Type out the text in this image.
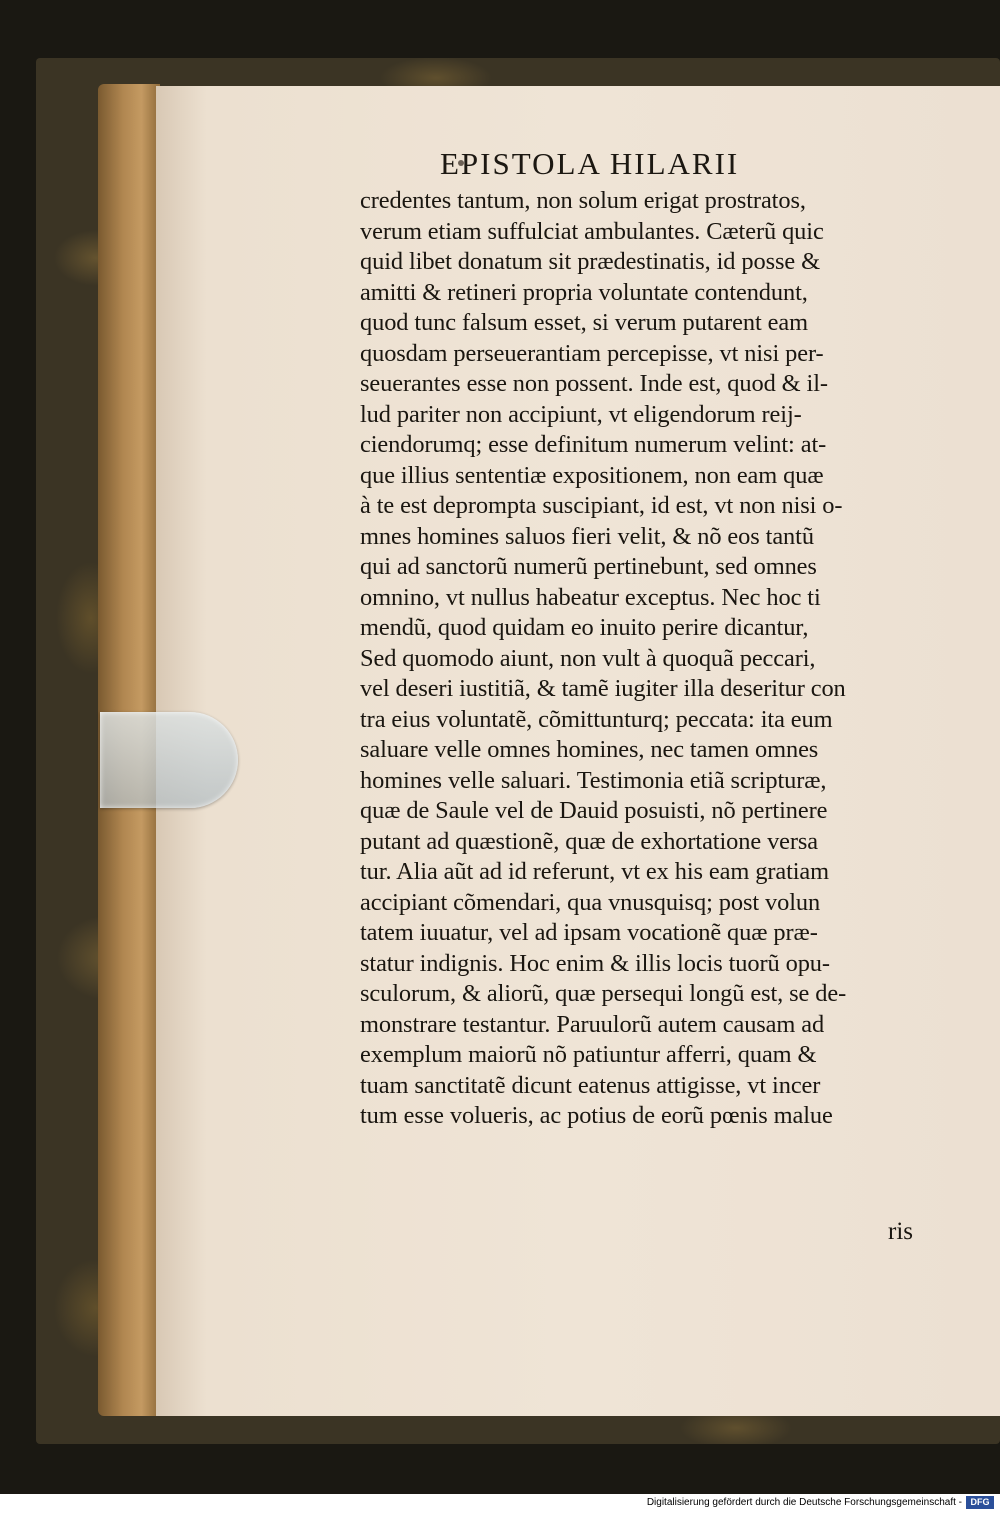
EPISTOLA HILARII
credentes tantum, non solum erigat prostratos,
verum etiam suffulciat ambulantes. Cæterũ quic
quid libet donatum sit prædestinatis, id posse &
amitti & retineri propria voluntate contendunt,
quod tunc falsum esset, si verum putarent eam
quosdam perseuerantiam percepisse, vt nisi per-
seuerantes esse non possent. Inde est, quod & il-
lud pariter non accipiunt, vt eligendorum reij-
ciendorumq; esse definitum numerum velint: at-
que illius sententiæ expositionem, non eam quæ
à te est deprompta suscipiant, id est, vt non nisi o-
mnes homines saluos fieri velit, & nõ eos tantũ
qui ad sanctorũ numerũ pertinebunt, sed omnes
omnino, vt nullus habeatur exceptus. Nec hoc ti
mendũ, quod quidam eo inuito perire dicantur,
Sed quomodo aiunt, non vult à quoquã peccari,
vel deseri iustitiã, & tamẽ iugiter illa deseritur con
tra eius voluntatẽ, cõmittunturq; peccata: ita eum
saluare velle omnes homines, nec tamen omnes
homines velle saluari. Testimonia etiã scripturæ,
quæ de Saule vel de Dauid posuisti, nõ pertinere
putant ad quæstionẽ, quæ de exhortatione versa
tur. Alia aũt ad id referunt, vt ex his eam gratiam
accipiant cõmendari, qua vnusquisq; post volun
tatem iuuatur, vel ad ipsam vocationẽ quæ præ-
statur indignis. Hoc enim & illis locis tuorũ opu-
sculorum, & aliorũ, quæ persequi longũ est, se de-
monstrare testantur. Paruulorũ autem causam ad
exemplum maiorũ nõ patiuntur afferri, quam &
tuam sanctitatẽ dicunt eatenus attigisse, vt incer
tum esse volueris, ac potius de eorũ pœnis malue
ris
Digitalisierung gefördert durch die Deutsche Forschungsgemeinschaft - DFG
